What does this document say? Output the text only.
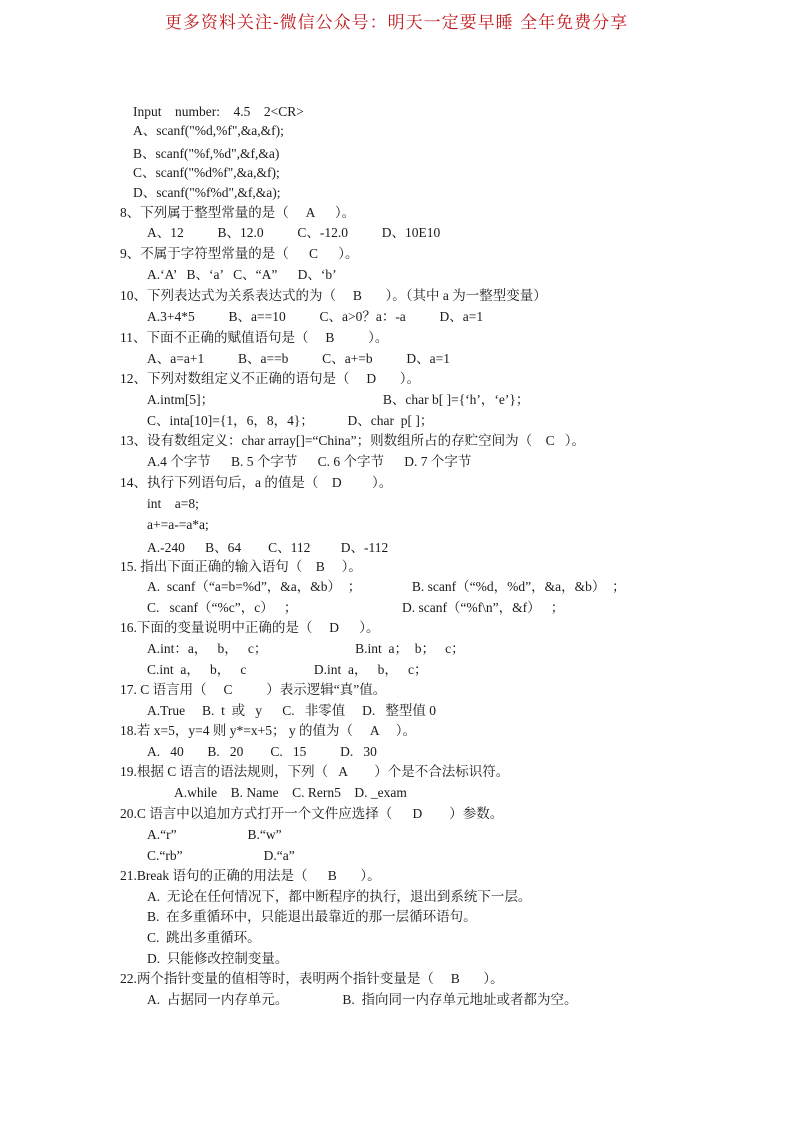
更多资料关注-微信公众号：明天一定要早睡 全年免费分享
Input    number:    4.5    2<CR>
A、scanf("%d,%f",&a,&f);
B、scanf("%f,%d",&f,&a)
C、scanf("%d%f",&a,&f);
D、scanf("%f%d",&f,&a);
8、下列属于整型常量的是（     A      ）。
A、12          B、12.0          C、-12.0          D、10E10
9、不属于字符型常量的是（      C      ）。
A.‘A’   B、‘a’   C、“A”      D、‘b’
10、下列表达式为关系表达式的为（     B       ）。（其中 a 为一整型变量）
A.3+4*5          B、a==10          C、a>0？a：-a          D、a=1
11、下面不正确的赋值语句是（     B          ）。
A、a=a+1          B、a==b          C、a+=b          D、a=1
12、下列对数组定义不正确的语句是（     D       ）。
A.intm[5]；                                                  B、char b[ ]={‘h’，‘e’}；
C、inta[10]={1，6，8，4}；          D、char  p[ ]；
13、设有数组定义：char array[]=“China”；则数组所占的存贮空间为（    C   ）。
A.4 个字节      B. 5 个字节      C. 6 个字节      D. 7 个字节
14、执行下列语句后，a 的值是（    D         ）。
int    a=8;
a+=a-=a*a;
A.-240      B、64        C、112         D、-112
15. 指出下面正确的输入语句（    B     ）。
A.  scanf（“a=b=%d”，&a，&b）  ；               B. scanf（“%d，%d”，&a，&b）  ；
C.   scanf（“%c”，c）   ；                               D. scanf（“%f\n”，&f）   ；
16.下面的变量说明中正确的是（     D      ）。
A.int：a，   b，   c；                          B.int  a；  b；   c；
C.int  a，   b，   c                    D.int  a，   b，   c；
17. C 语言用（     C          ）表示逻辑“真”值。
A.True     B.  t  或   y      C.   非零值     D.   整型值 0
18.若 x=5，y=4 则 y*=x+5； y 的值为（     A     ）。
A.   40       B.   20        C.   15          D.   30
19.根据 C 语言的语法规则，下列（   A        ）个是不合法标识符。
A.while    B. Name    C. Rern5    D. _exam
20.C 语言中以追加方式打开一个文件应选择（      D        ）参数。
A.“r”                     B.“w”
C.“rb”                        D.“a”
21.Break 语句的正确的用法是（      B       ）。
A.  无论在任何情况下，都中断程序的执行，退出到系统下一层。
B.  在多重循环中，只能退出最靠近的那一层循环语句。
C.  跳出多重循环。
D.  只能修改控制变量。
22.两个指针变量的值相等时，表明两个指针变量是（     B       ）。
A.  占据同一内存单元。                B.  指向同一内存单元地址或者都为空。
